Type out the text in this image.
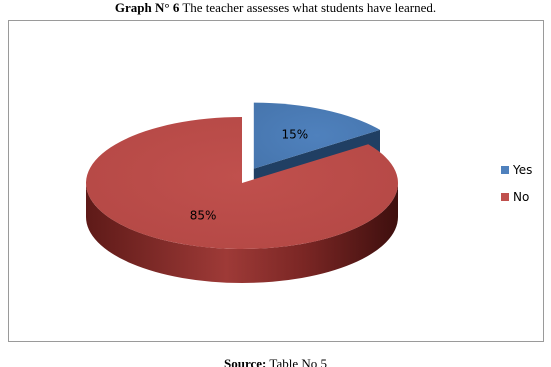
Graph N° 6 The teacher assesses what students have learned.
15%
85%
Yes
No
Source: Table No 5
